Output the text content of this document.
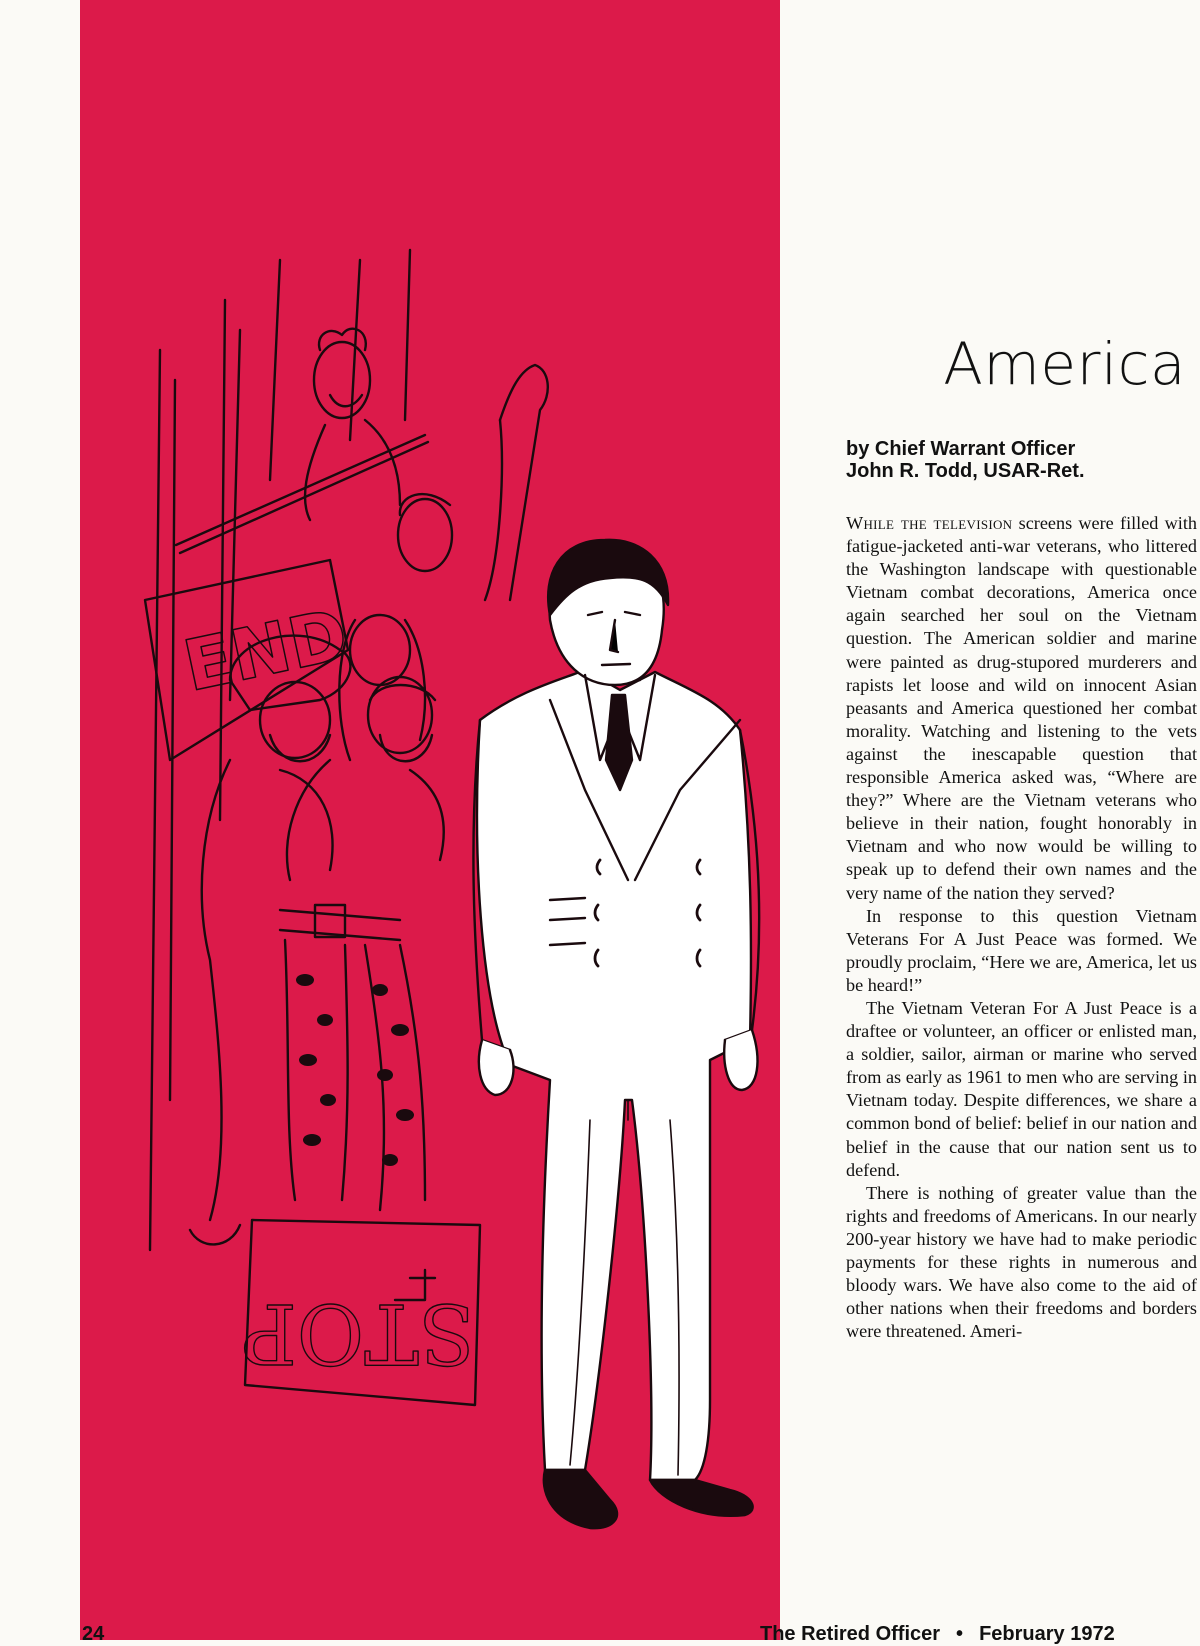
END
STOP
America
by Chief Warrant Officer
John R. Todd, USAR-Ret.

While the television screens were filled with fatigue-jacketed anti-war veterans, who littered the Washington landscape with questionable Vietnam combat decorations, America once again searched her soul on the Vietnam question. The American soldier and marine were painted as drug-stupored murderers and rapists let loose and wild on innocent Asian peasants and America questioned her combat morality. Watching and listening to the vets against the inescapable question that responsible America asked was, “Where are they?” Where are the Vietnam veterans who believe in their nation, fought honorably in Vietnam and who now would be willing to speak up to defend their own names and the very name of the nation they served?

In response to this question Vietnam Veterans For A Just Peace was formed. We proudly proclaim, “Here we are, America, let us be heard!”

The Vietnam Veteran For A Just Peace is a draftee or volunteer, an officer or enlisted man, a soldier, sailor, airman or marine who served from as early as 1961 to men who are serving in Vietnam today. Despite differences, we share a common bond of belief: belief in our nation and belief in the cause that our nation sent us to defend.

There is nothing of greater value than the rights and freedoms of Americans. In our nearly 200-year history we have had to make periodic payments for these rights in numerous and bloody wars. We have also come to the aid of other nations when their freedoms and borders were threatened. Ameri-

24	The Retired Officer • February 1972
